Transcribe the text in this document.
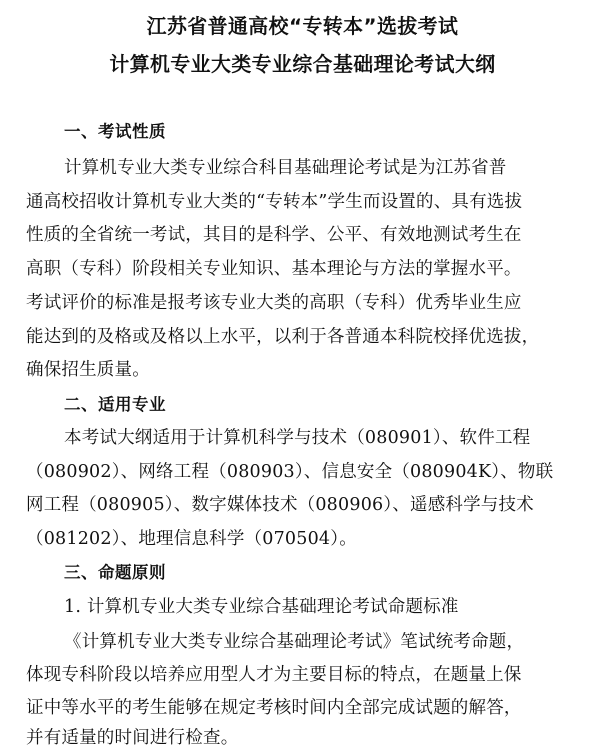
江苏省普通高校“专转本”选拔考试
计算机专业大类专业综合基础理论考试大纲
一、考试性质
计算机专业大类专业综合科目基础理论考试是为江苏省普
通高校招收计算机专业大类的“专转本”学生而设置的、具有选拔
性质的全省统一考试，其目的是科学、公平、有效地测试考生在
高职（专科）阶段相关专业知识、基本理论与方法的掌握水平。
考试评价的标准是报考该专业大类的高职（专科）优秀毕业生应
能达到的及格或及格以上水平，以利于各普通本科院校择优选拔，
确保招生质量。
二、适用专业
本考试大纲适用于计算机科学与技术（080901）、软件工程
（080902）、网络工程（080903）、信息安全（080904K）、物联
网工程（080905）、数字媒体技术（080906）、遥感科学与技术
（081202）、地理信息科学（070504）。
三、命题原则
1. 计算机专业大类专业综合基础理论考试命题标准
《计算机专业大类专业综合基础理论考试》笔试统考命题，
体现专科阶段以培养应用型人才为主要目标的特点，在题量上保
证中等水平的考生能够在规定考核时间内全部完成试题的解答，
并有适量的时间进行检查。
